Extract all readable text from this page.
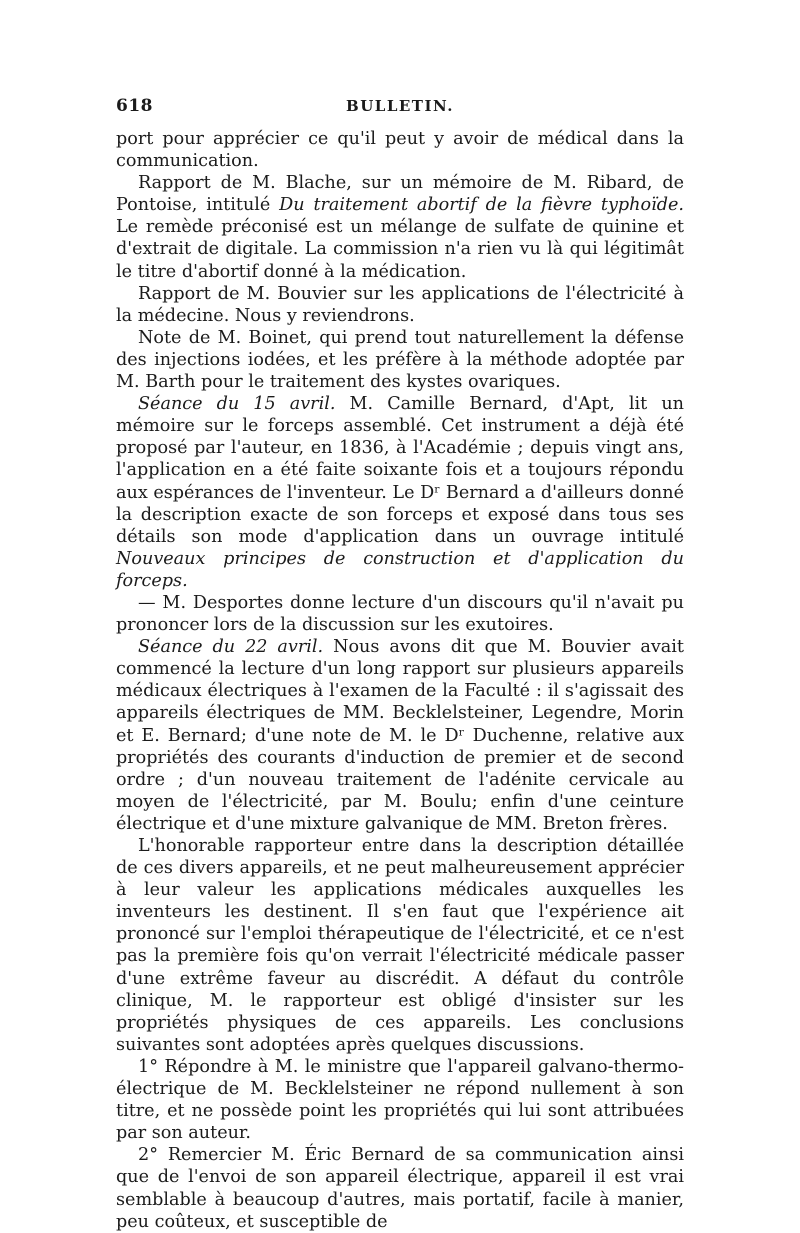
618	BULLETIN.

port pour apprécier ce qu'il peut y avoir de médical dans la communication.

Rapport de M. Blache, sur un mémoire de M. Ribard, de Pontoise, intitulé Du traitement abortif de la fièvre typhoïde. Le remède préconisé est un mélange de sulfate de quinine et d'extrait de digitale. La commission n'a rien vu là qui légitimât le titre d'abortif donné à la médication.

Rapport de M. Bouvier sur les applications de l'électricité à la médecine. Nous y reviendrons.

Note de M. Boinet, qui prend tout naturellement la défense des injections iodées, et les préfère à la méthode adoptée par M. Barth pour le traitement des kystes ovariques.

Séance du 15 avril. M. Camille Bernard, d'Apt, lit un mémoire sur le forceps assemblé. Cet instrument a déjà été proposé par l'auteur, en 1836, à l'Académie ; depuis vingt ans, l'application en a été faite soixante fois et a toujours répondu aux espérances de l'inventeur. Le Dʳ Bernard a d'ailleurs donné la description exacte de son forceps et exposé dans tous ses détails son mode d'application dans un ouvrage intitulé Nouveaux principes de construction et d'application du forceps.

— M. Desportes donne lecture d'un discours qu'il n'avait pu prononcer lors de la discussion sur les exutoires.

Séance du 22 avril. Nous avons dit que M. Bouvier avait commencé la lecture d'un long rapport sur plusieurs appareils médicaux électriques à l'examen de la Faculté : il s'agissait des appareils électriques de MM. Becklelsteiner, Legendre, Morin et E. Bernard; d'une note de M. le Dʳ Duchenne, relative aux propriétés des courants d'induction de premier et de second ordre ; d'un nouveau traitement de l'adénite cervicale au moyen de l'électricité, par M. Boulu; enfin d'une ceinture électrique et d'une mixture galvanique de MM. Breton frères.

L'honorable rapporteur entre dans la description détaillée de ces divers appareils, et ne peut malheureusement apprécier à leur valeur les applications médicales auxquelles les inventeurs les destinent. Il s'en faut que l'expérience ait prononcé sur l'emploi thérapeutique de l'électricité, et ce n'est pas la première fois qu'on verrait l'électricité médicale passer d'une extrême faveur au discrédit. A défaut du contrôle clinique, M. le rapporteur est obligé d'insister sur les propriétés physiques de ces appareils. Les conclusions suivantes sont adoptées après quelques discussions.

1° Répondre à M. le ministre que l'appareil galvano-thermo-électrique de M. Becklelsteiner ne répond nullement à son titre, et ne possède point les propriétés qui lui sont attribuées par son auteur.

2° Remercier M. Éric Bernard de sa communication ainsi que de l'envoi de son appareil électrique, appareil il est vrai semblable à beaucoup d'autres, mais portatif, facile à manier, peu coûteux, et susceptible de
